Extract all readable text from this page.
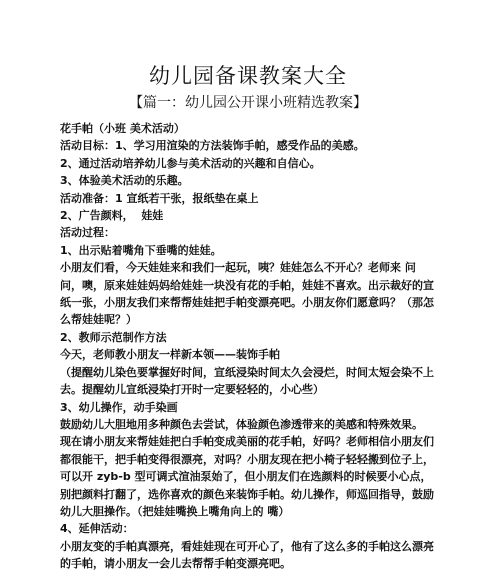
幼儿园备课教案大全
【篇一：幼儿园公开课小班精选教案】

花手帕（小班 美术活动）

活动目标：1、学习用渲染的方法装饰手帕，感受作品的美感。

2、通过活动培养幼儿参与美术活动的兴趣和自信心。

3、体验美术活动的乐趣。

活动准备：1 宣纸若干张，报纸垫在桌上

2、广告颜料，  娃娃

活动过程：

1、出示贴着嘴角下垂嘴的娃娃。

小朋友们看，今天娃娃来和我们一起玩，咦？娃娃怎么不开心？老师来 问问，噢，原来娃娃妈妈给娃娃一块没有花的手帕，娃娃不喜欢。出示裁好的宣纸一张，小朋友我们来帮帮娃娃把手帕变漂亮吧。小朋友你们愿意吗？（那怎么帮娃娃呢？）

2、教师示范制作方法

今天，老师教小朋友一样新本领——装饰手帕

（提醒幼儿染色要掌握好时间，宣纸浸染时间太久会浸烂，时间太短会染不上去。提醒幼儿宣纸浸染打开时一定要轻轻的，小心些）

3、幼儿操作，动手染画

鼓励幼儿大胆地用多种颜色去尝试，体验颜色渗透带来的美感和特殊效果。

现在请小朋友来帮娃娃把白手帕变成美丽的花手帕，好吗？老师相信小朋友们都很能干，把手帕变得很漂亮，对吗？小朋友现在把小椅子轻轻搬到位子上，可以开 zyb-b 型可调式渲油泵始了，但小朋友们在选颜料的时候要小心点，别把颜料打翻了，选你喜欢的颜色来装饰手帕。幼儿操作，师巡回指导，鼓励幼儿大胆操作。（把娃娃嘴换上嘴角向上的 嘴）

4、延伸活动：

小朋友变的手帕真漂亮，看娃娃现在可开心了，他有了这么多的手帕这么漂亮的手帕，请小朋友一会儿去帮帮手帕变漂亮吧。
